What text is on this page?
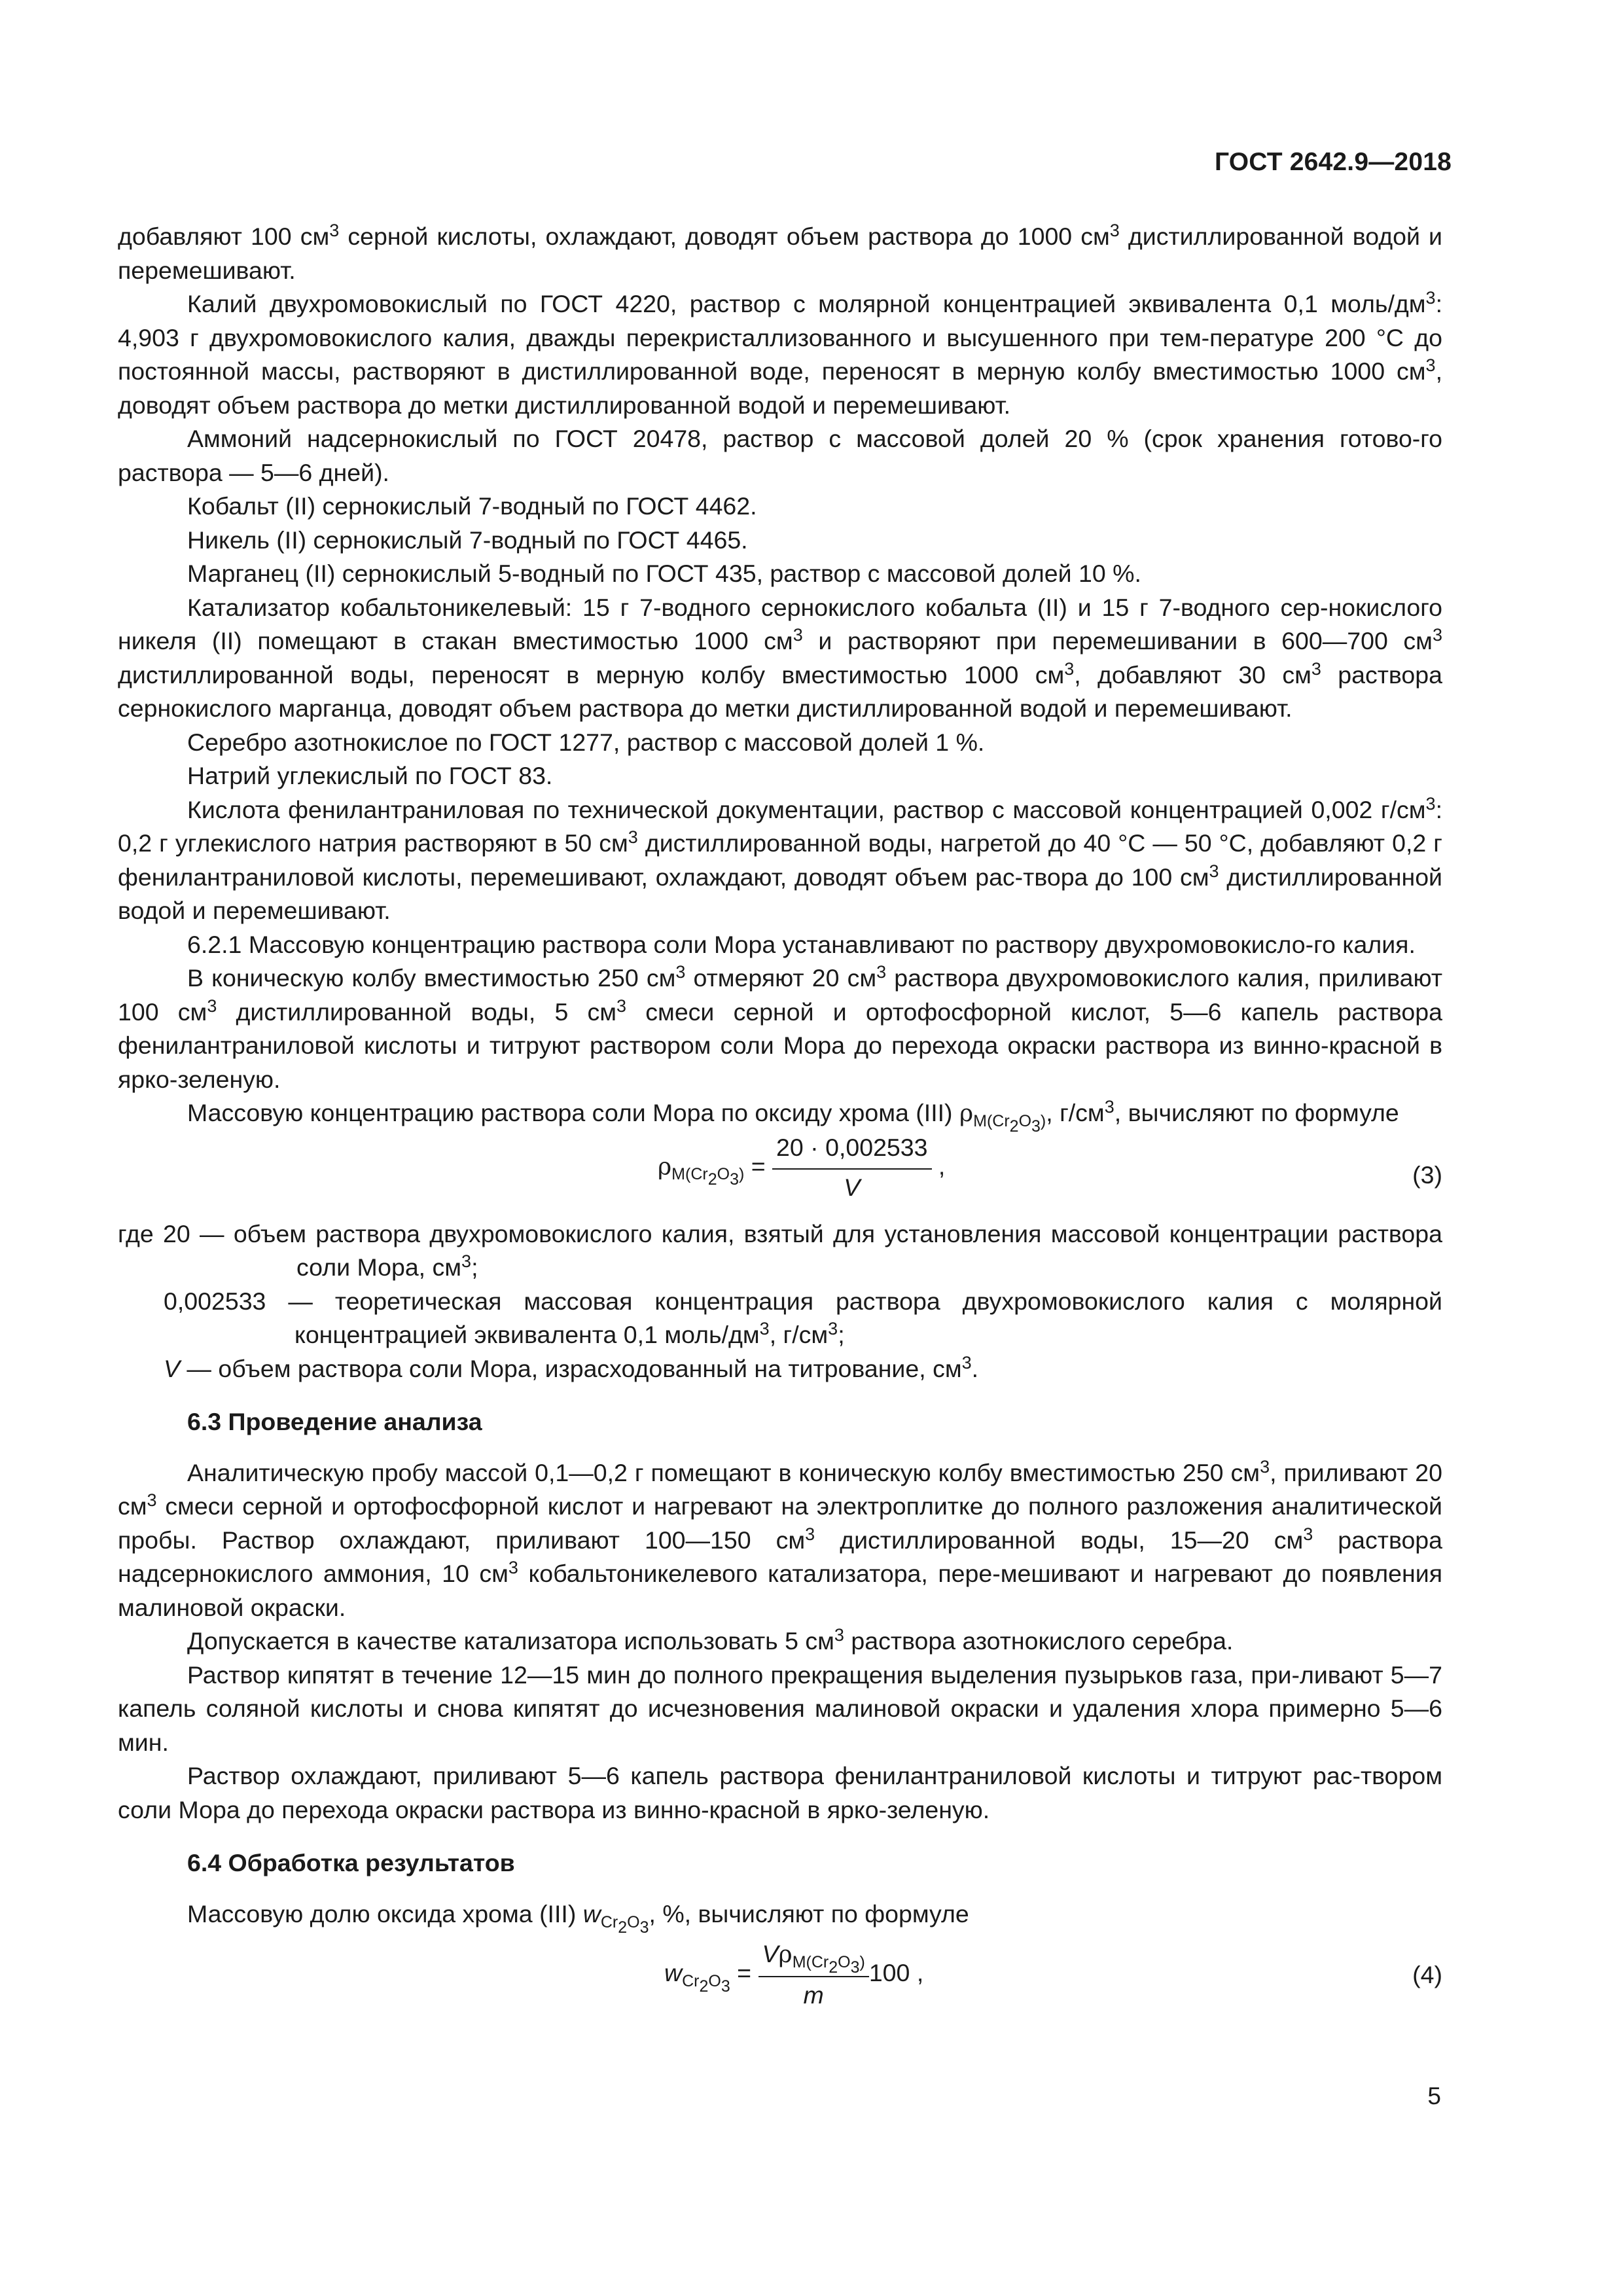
ГОСТ 2642.9—2018

добавляют 100 $см^3$ серной кислоты, охлаждают, доводят объем раствора до 1000 $см^3$ дистиллированной водой и перемешивают.

Калий двухромовокислый по ГОСТ 4220, раствор с молярной концентрацией эквивалента 0,1 моль/$дм^3$: 4,903 г двухромовокислого калия, дважды перекристаллизованного и высушенного при тем-пературе 200 °С до постоянной массы, растворяют в дистиллированной воде, переносят в мерную колбу вместимостью 1000 $см^3$, доводят объем раствора до метки дистиллированной водой и перемешивают.

Аммоний надсернокислый по ГОСТ 20478, раствор с массовой долей 20 % (срок хранения готово-го раствора — 5—6 дней).

Кобальт (II) сернокислый 7-водный по ГОСТ 4462.

Никель (II) сернокислый 7-водный по ГОСТ 4465.

Марганец (II) сернокислый 5-водный по ГОСТ 435, раствор с массовой долей 10 %.

Катализатор кобальтоникелевый: 15 г 7-водного сернокислого кобальта (II) и 15 г 7-водного сер-нокислого никеля (II) помещают в стакан вместимостью 1000 $см^3$ и растворяют при перемешивании в 600—700 $см^3$ дистиллированной воды, переносят в мерную колбу вместимостью 1000 $см^3$, добавляют 30 $см^3$ раствора сернокислого марганца, доводят объем раствора до метки дистиллированной водой и перемешивают.

Серебро азотнокислое по ГОСТ 1277, раствор с массовой долей 1 %.

Натрий углекислый по ГОСТ 83.

Кислота фенилантраниловая по технической документации, раствор с массовой концентрацией 0,002 $г/см^3$: 0,2 г углекислого натрия растворяют в 50 $см^3$ дистиллированной воды, нагретой до 40 °С — 50 °С, добавляют 0,2 г фенилантраниловой кислоты, перемешивают, охлаждают, доводят объем рас-твора до 100 $см^3$ дистиллированной водой и перемешивают.

6.2.1 Массовую концентрацию раствора соли Мора устанавливают по раствору двухромовокисло-го калия.

В коническую колбу вместимостью 250 $см^3$ отмеряют 20 $см^3$ раствора двухромовокислого калия, приливают 100 $см^3$ дистиллированной воды, 5 $см^3$ смеси серной и ортофосфорной кислот, 5—6 капель раствора фенилантраниловой кислоты и титруют раствором соли Мора до перехода окраски раствора из винно-красной в ярко-зеленую.

Массовую концентрацию раствора соли Мора по оксиду хрома (III) $\rho_{М(Cr_2O_3)}$, $г/см^3$, вычисляют по формуле

$\rho_{М(Cr_2O_3)} = \frac{20 \cdot 0,002533}{V}$ ,	(3)

где 20 — объем раствора двухромовокислого калия, взятый для установления массовой концентрации раствора соли Мора, $см^3$;

0,002533 — теоретическая массовая концентрация раствора двухромовокислого калия с молярной концентрацией эквивалента 0,1 моль/$дм^3$, $г/см^3$;

V — объем раствора соли Мора, израсходованный на титрование, $см^3$.

6.3 Проведение анализа

Аналитическую пробу массой 0,1—0,2 г помещают в коническую колбу вместимостью 250 $см^3$, приливают 20 $см^3$ смеси серной и ортофосфорной кислот и нагревают на электроплитке до полного разложения аналитической пробы. Раствор охлаждают, приливают 100—150 $см^3$ дистиллированной воды, 15—20 $см^3$ раствора надсернокислого аммония, 10 $см^3$ кобальтоникелевого катализатора, пере-мешивают и нагревают до появления малиновой окраски.

Допускается в качестве катализатора использовать 5 $см^3$ раствора азотнокислого серебра.

Раствор кипятят в течение 12—15 мин до полного прекращения выделения пузырьков газа, при-ливают 5—7 капель соляной кислоты и снова кипятят до исчезновения малиновой окраски и удаления хлора примерно 5—6 мин.

Раствор охлаждают, приливают 5—6 капель раствора фенилантраниловой кислоты и титруют рас-твором соли Мора до перехода окраски раствора из винно-красной в ярко-зеленую.

6.4 Обработка результатов

Массовую долю оксида хрома (III) $w_{Cr_2O_3}$, %, вычисляют по формуле

$w_{Cr_2O_3} = \frac{V\rho_{М(Cr_2O_3)}}{m} 100$ ,	(4)
5
